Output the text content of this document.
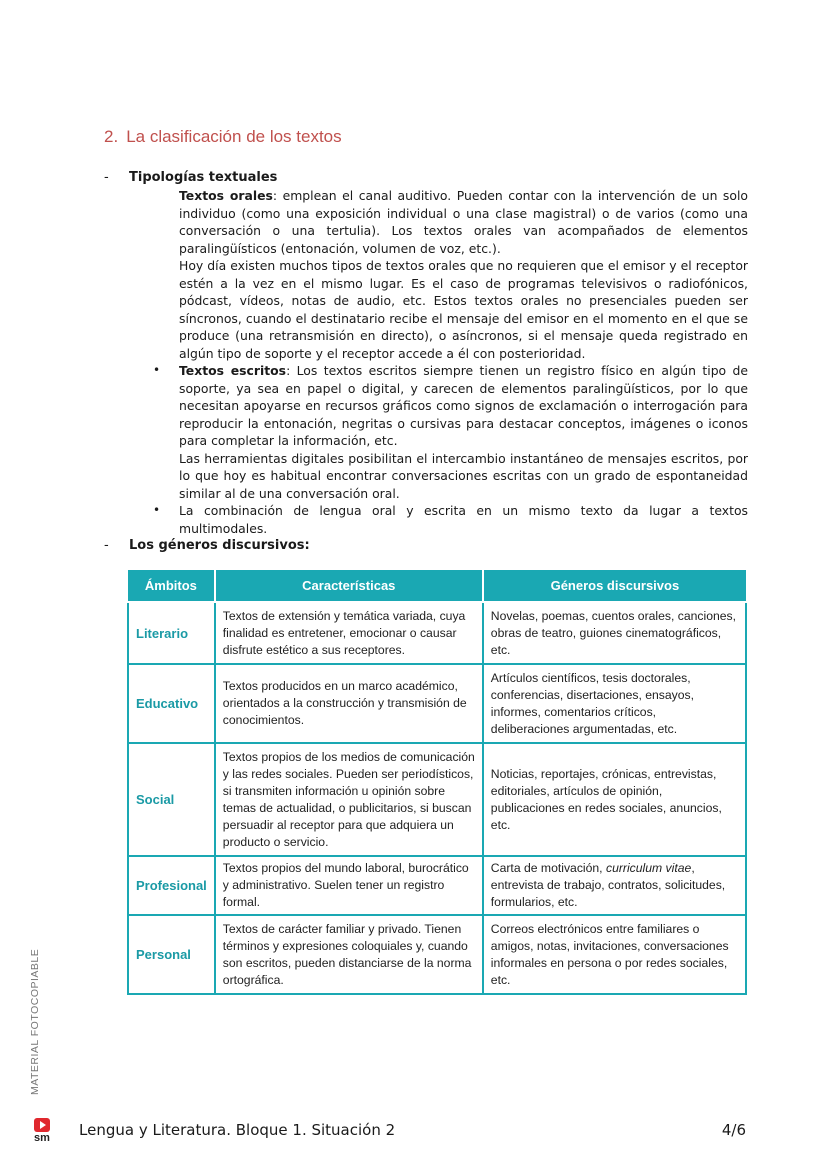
2. La clasificación de los textos
- Tipologías textuales

Textos orales: emplean el canal auditivo. Pueden contar con la intervención de un solo individuo (como una exposición individual o una clase magistral) o de varios (como una conversación o una tertulia). Los textos orales van acompañados de elementos paralingüísticos (entonación, volumen de voz, etc.).
Hoy día existen muchos tipos de textos orales que no requieren que el emisor y el receptor estén a la vez en el mismo lugar. Es el caso de programas televisivos o radiofónicos, pódcast, vídeos, notas de audio, etc. Estos textos orales no presenciales pueden ser síncronos, cuando el destinatario recibe el mensaje del emisor en el momento en el que se produce (una retransmisión en directo), o asíncronos, si el mensaje queda registrado en algún tipo de soporte y el receptor accede a él con posterioridad.

• Textos escritos: Los textos escritos siempre tienen un registro físico en algún tipo de soporte, ya sea en papel o digital, y carecen de elementos paralingüísticos, por lo que necesitan apoyarse en recursos gráficos como signos de exclamación o interrogación para reproducir la entonación, negritas o cursivas para destacar conceptos, imágenes o iconos para completar la información, etc.
Las herramientas digitales posibilitan el intercambio instantáneo de mensajes escritos, por lo que hoy es habitual encontrar conversaciones escritas con un grado de espontaneidad similar al de una conversación oral.

• La combinación de lengua oral y escrita en un mismo texto da lugar a textos multimodales.

- Los géneros discursivos:
Ámbitos	Características	Géneros discursivos
Literario	Textos de extensión y temática variada, cuya finalidad es entretener, emocionar o causar disfrute estético a sus receptores.	Novelas, poemas, cuentos orales, canciones, obras de teatro, guiones cinematográficos, etc.
Educativo	Textos producidos en un marco académico, orientados a la construcción y transmisión de conocimientos.	Artículos científicos, tesis doctorales, conferencias, disertaciones, ensayos, informes, comentarios críticos, deliberaciones argumentadas, etc.
Social	Textos propios de los medios de comunicación y las redes sociales. Pueden ser periodísticos, si transmiten información u opinión sobre temas de actualidad, o publicitarios, si buscan persuadir al receptor para que adquiera un producto o servicio.	Noticias, reportajes, crónicas, entrevistas, editoriales, artículos de opinión, publicaciones en redes sociales, anuncios, etc.
Profesional	Textos propios del mundo laboral, burocrático y administrativo. Suelen tener un registro formal.	Carta de motivación, curriculum vitae, entrevista de trabajo, contratos, solicitudes, formularios, etc.
Personal	Textos de carácter familiar y privado. Tienen términos y expresiones coloquiales y, cuando son escritos, pueden distanciarse de la norma ortográfica.	Correos electrónicos entre familiares o amigos, notas, invitaciones, conversaciones informales en persona o por redes sociales, etc.
MATERIAL FOTOCOPIABLE
sm Lengua y Literatura. Bloque 1. Situación 2	4/6
